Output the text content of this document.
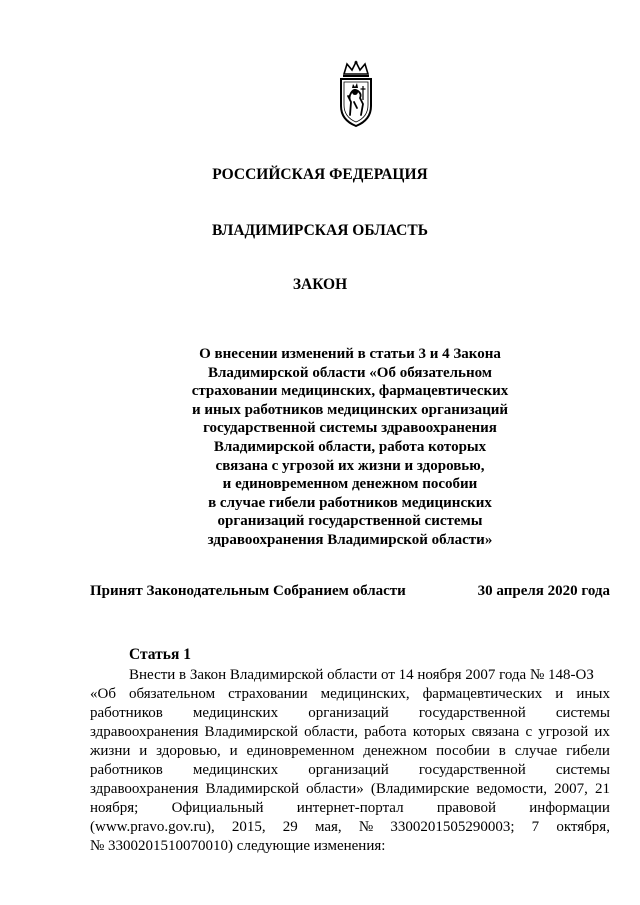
РОССИЙСКАЯ ФЕДЕРАЦИЯ
ВЛАДИМИРСКАЯ ОБЛАСТЬ
ЗАКОН
О внесении изменений в статьи 3 и 4 Закона
Владимирской области «Об обязательном
страховании медицинских, фармацевтических
и иных работников медицинских организаций
государственной системы здравоохранения
Владимирской области, работа которых
связана с угрозой их жизни и здоровью,
и единовременном денежном пособии
в случае гибели работников медицинских
организаций государственной системы
здравоохранения Владимирской области»
Принят Законодательным Собранием области	30 апреля 2020 года
Статья 1
Внести в Закон Владимирской области от 14 ноября 2007 года № 148-ОЗ
«Об обязательном страховании медицинских, фармацевтических и иных
работников медицинских организаций государственной системы
здравоохранения Владимирской области, работа которых связана с угрозой их
жизни и здоровью, и единовременном денежном пособии в случае гибели
работников медицинских организаций государственной системы
здравоохранения Владимирской области» (Владимирские ведомости, 2007, 21
ноября; Официальный интернет-портал правовой информации
(www.pravo.gov.ru), 2015, 29 мая, № 3300201505290003; 7 октября,
№ 3300201510070010) следующие изменения:
